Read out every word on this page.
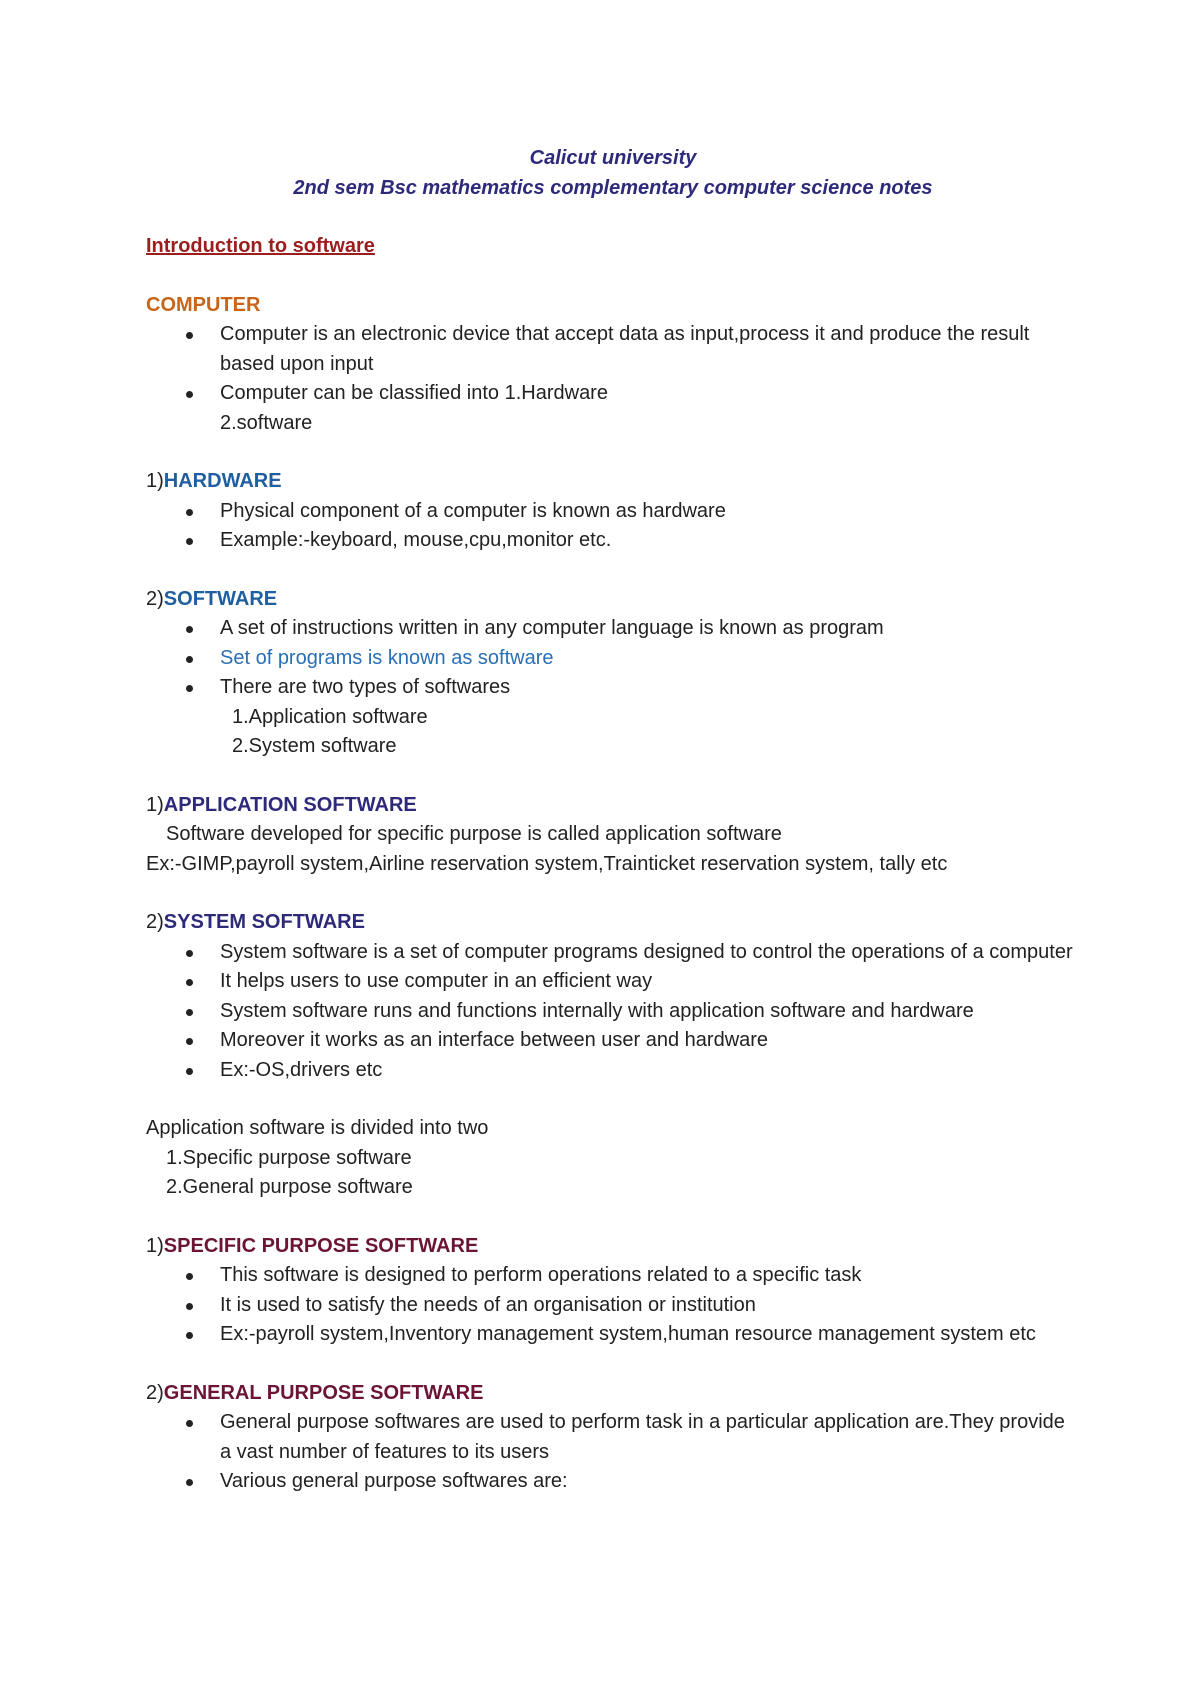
Calicut university
2nd sem Bsc mathematics complementary computer science notes
Introduction to software
COMPUTER
Computer is an electronic device that accept data as input,process it and produce the result based upon input
Computer can be classified into 1.Hardware
2.software
1)HARDWARE
Physical component of a computer is known as hardware
Example:-keyboard, mouse,cpu,monitor etc.
2)SOFTWARE
A set of instructions written in any computer language is known as program
Set of programs is known as software
There are two types of softwares
1.Application software
2.System software
1)APPLICATION SOFTWARE
Software developed for specific purpose is called application software
Ex:-GIMP,payroll system,Airline reservation system,Trainticket reservation system, tally etc
2)SYSTEM SOFTWARE
System software is a set of computer programs designed to control the operations of a computer
It helps users to use computer in an efficient way
System software runs and functions internally with application software and hardware
Moreover it works as an interface between user and hardware
Ex:-OS,drivers etc
Application software is divided into two
1.Specific purpose software
2.General purpose software
1)SPECIFIC PURPOSE SOFTWARE
This software is designed to perform operations related to a specific task
It is used to satisfy the needs of an organisation or institution
Ex:-payroll system,Inventory management system,human resource management system etc
2)GENERAL PURPOSE SOFTWARE
General purpose softwares are used to perform task in a particular application are.They provide a vast number of features to its users
Various general purpose softwares are:
